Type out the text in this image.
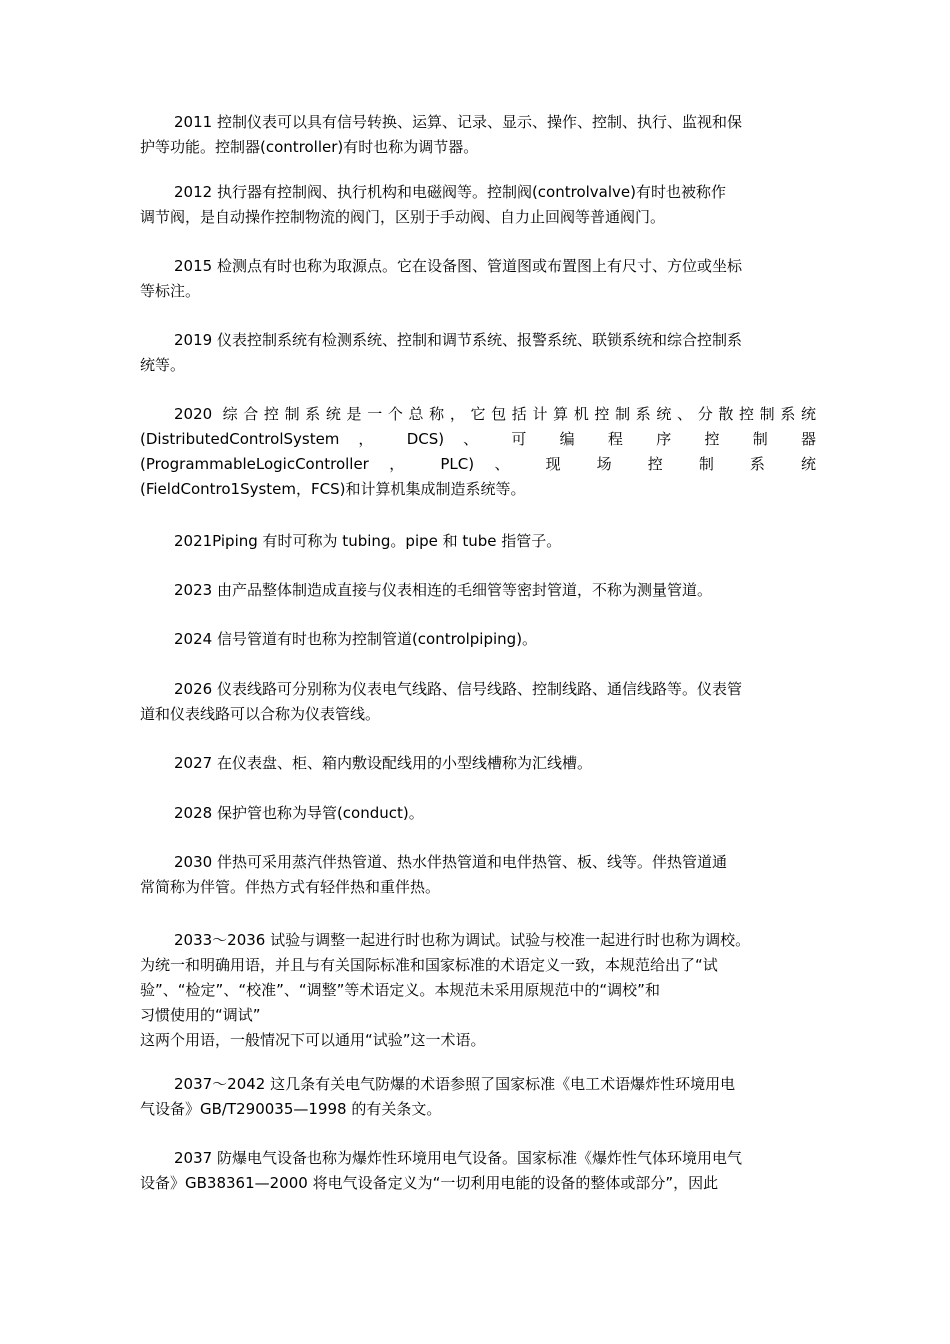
2011 控制仪表可以具有信号转换、运算、记录、显示、操作、控制、执行、监视和保
护等功能。控制器(controller)有时也称为调节器。
2012 执行器有控制阀、执行机构和电磁阀等。控制阀(controlvalve)有时也被称作
调节阀，是自动操作控制物流的阀门，区别于手动阀、自力止回阀等普通阀门。
2015 检测点有时也称为取源点。它在设备图、管道图或布置图上有尺寸、方位或坐标
等标注。
2019 仪表控制系统有检测系统、控制和调节系统、报警系统、联锁系统和综合控制系
统等。
2020 综合控制系统是一个总称，它包括计算机控制系统、分散控制系统
(DistributedControlSystem ， DCS) 、 可 编 程 序 控 制 器
(ProgrammableLogicController ， PLC) 、 现 场 控 制 系 统
(FieldContro1System，FCS)和计算机集成制造系统等。
2021Piping 有时可称为 tubing。pipe 和 tube 指管子。
2023 由产品整体制造成直接与仪表相连的毛细管等密封管道，不称为测量管道。
2024 信号管道有时也称为控制管道(controlpiping)。
2026 仪表线路可分别称为仪表电气线路、信号线路、控制线路、通信线路等。仪表管
道和仪表线路可以合称为仪表管线。
2027 在仪表盘、柜、箱内敷设配线用的小型线槽称为汇线槽。
2028 保护管也称为导管(conduct)。
2030 伴热可采用蒸汽伴热管道、热水伴热管道和电伴热管、板、线等。伴热管道通
常简称为伴管。伴热方式有轻伴热和重伴热。
2033～2036 试验与调整一起进行时也称为调试。试验与校准一起进行时也称为调校。
为统一和明确用语，并且与有关国际标准和国家标准的术语定义一致，本规范给出了“试
验”、“检定”、“校准”、“调整”等术语定义。本规范未采用原规范中的“调校”和
习惯使用的“调试”
这两个用语，一般情况下可以通用“试验”这一术语。
2037～2042 这几条有关电气防爆的术语参照了国家标准《电工术语爆炸性环境用电
气设备》GB/T290035—1998 的有关条文。
2037 防爆电气设备也称为爆炸性环境用电气设备。国家标准《爆炸性气体环境用电气
设备》GB38361—2000 将电气设备定义为“一切利用电能的设备的整体或部分”，因此
